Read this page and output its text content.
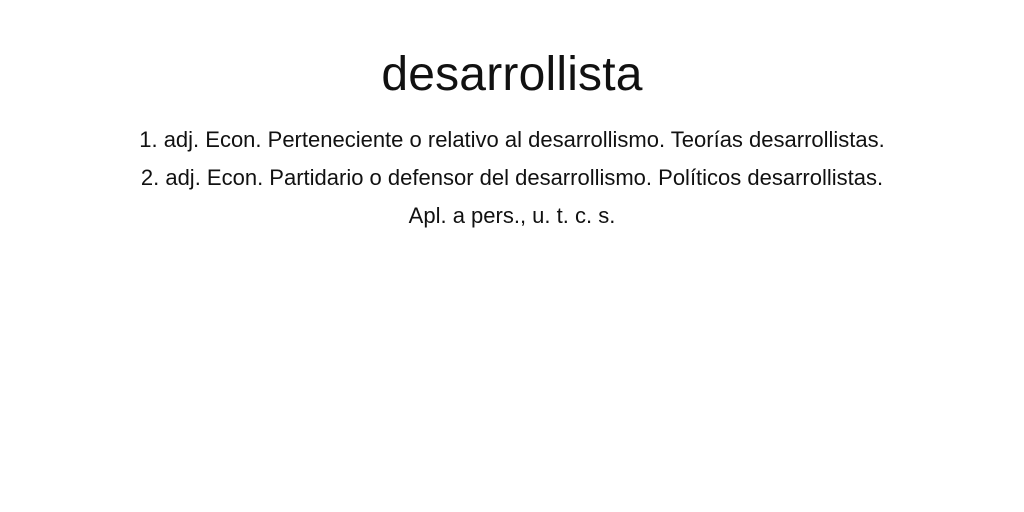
desarrollista
1. adj. Econ. Perteneciente o relativo al desarrollismo. Teorías desarrollistas.
2. adj. Econ. Partidario o defensor del desarrollismo. Políticos desarrollistas.
Apl. a pers., u. t. c. s.
